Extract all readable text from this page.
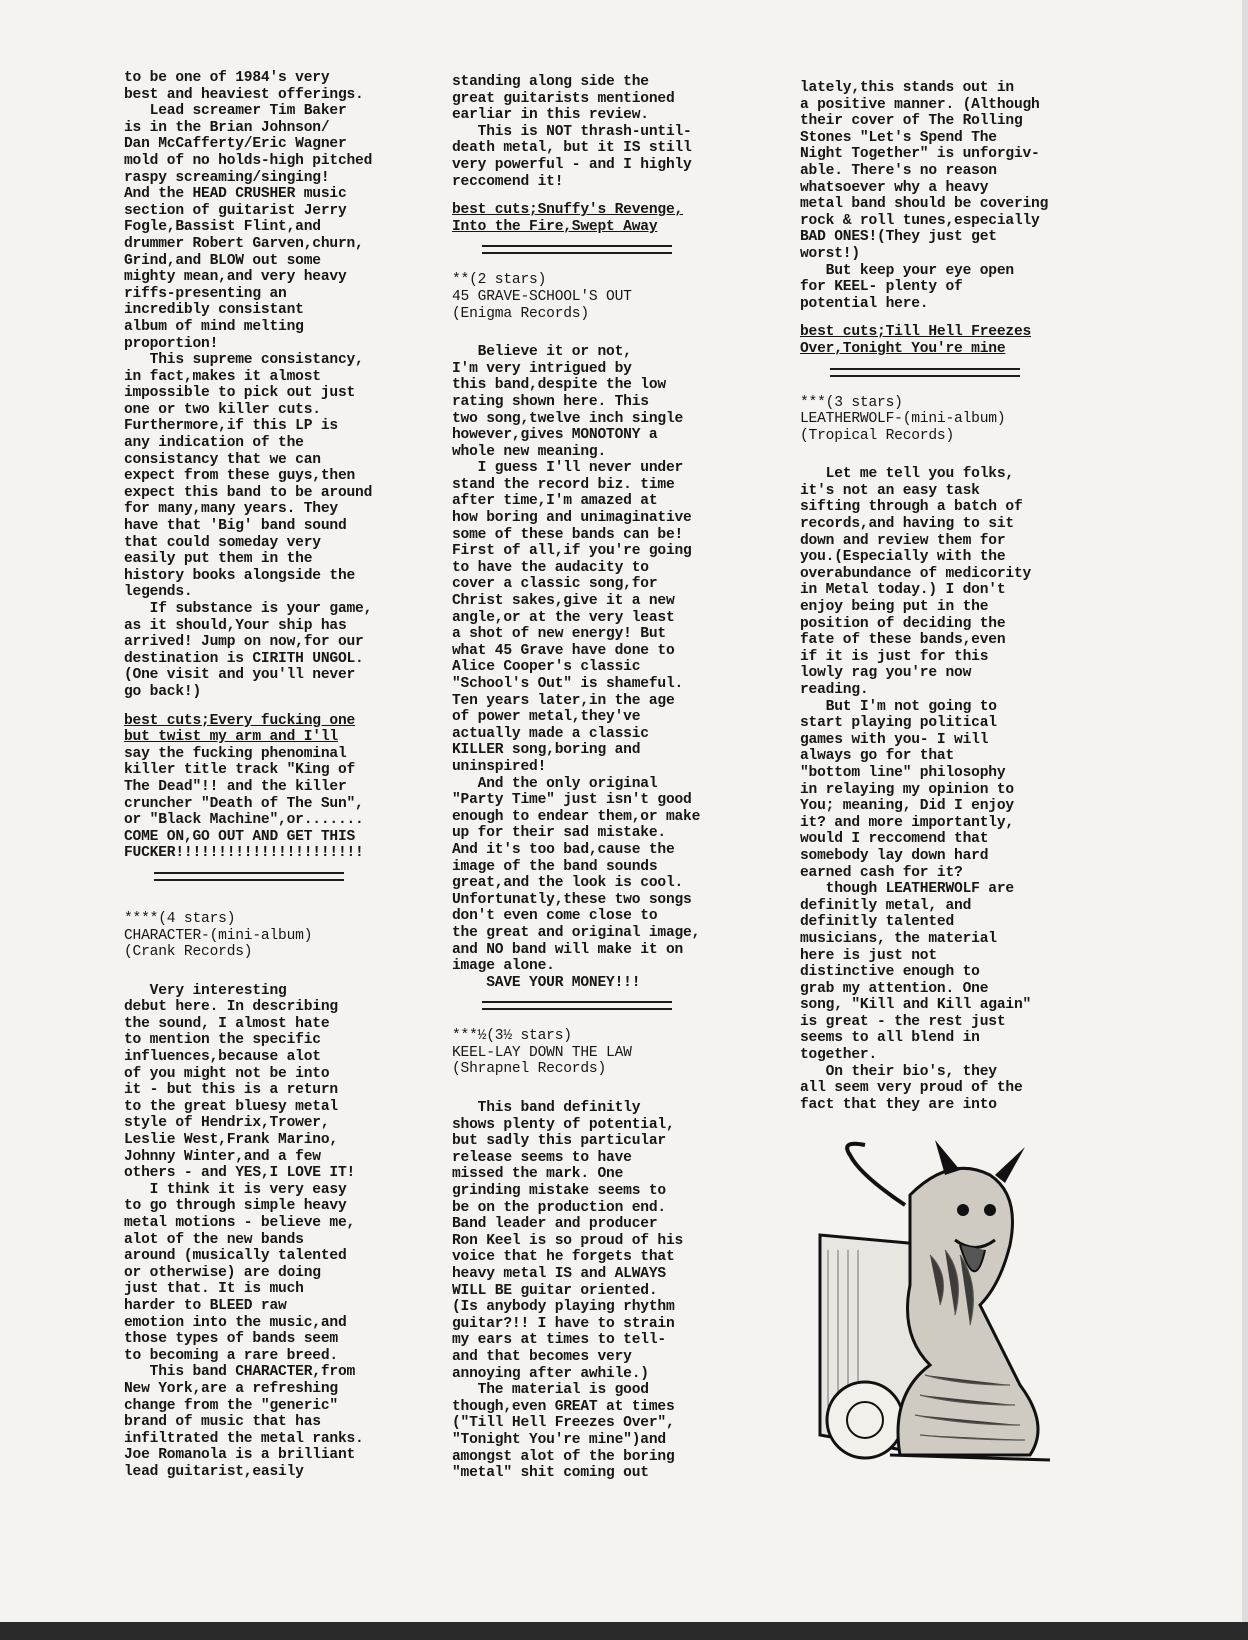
to be one of 1984's very

best and heaviest offerings.

Lead screamer Tim Baker

is in the Brian Johnson/

Dan McCafferty/Eric Wagner

mold of no holds-high pitched

raspy screaming/singing!

And the HEAD CRUSHER music

section of guitarist Jerry

Fogle,Bassist Flint,and

drummer Robert Garven,churn,

Grind,and BLOW out some

mighty mean,and very heavy

riffs-presenting an

incredibly consistant

album of mind melting

proportion!

This supreme consistancy,

in fact,makes it almost

impossible to pick out just

one or two killer cuts.

Furthermore,if this LP is

any indication of the

consistancy that we can

expect from these guys,then

expect this band to be around

for many,many years. They

have that 'Big' band sound

that could someday very

easily put them in the

history books alongside the

legends.

If substance is your game,

as it should,Your ship has

arrived! Jump on now,for our

destination is CIRITH UNGOL.

(One visit and you'll never

go back!)

best cuts;Every fucking one

but twist my arm and I'll

say the fucking phenominal

killer title track "King of

The Dead"!! and the killer

cruncher "Death of The Sun",

or "Black Machine",or.......

COME ON,GO OUT AND GET THIS

FUCKER!!!!!!!!!!!!!!!!!!!!!!

****(4 stars)

CHARACTER-(mini-album)

(Crank Records)

Very interesting

debut here. In describing

the sound, I almost hate

to mention the specific

influences,because alot

of you might not be into

it - but this is a return

to the great bluesy metal

style of Hendrix,Trower,

Leslie West,Frank Marino,

Johnny Winter,and a few

others - and YES,I LOVE IT!

I think it is very easy

to go through simple heavy

metal motions - believe me,

alot of the new bands

around (musically talented

or otherwise) are doing

just that. It is much

harder to BLEED raw

emotion into the music,and

those types of bands seem

to becoming a rare breed.

This band CHARACTER,from

New York,are a refreshing

change from the "generic"

brand of music that has

infiltrated the metal ranks.

Joe Romanola is a brilliant

lead guitarist,easily

standing along side the

great guitarists mentioned

earliar in this review.

This is NOT thrash-until-

death metal, but it IS still

very powerful - and I highly

reccomend it!

best cuts;Snuffy's Revenge,

Into the Fire,Swept Away

**(2 stars)

45 GRAVE-SCHOOL'S OUT

(Enigma Records)

Believe it or not,

I'm very intrigued by

this band,despite the low

rating shown here. This

two song,twelve inch single

however,gives MONOTONY a

whole new meaning.

I guess I'll never under

stand the record biz. time

after time,I'm amazed at

how boring and unimaginative

some of these bands can be!

First of all,if you're going

to have the audacity to

cover a classic song,for

Christ sakes,give it a new

angle,or at the very least

a shot of new energy! But

what 45 Grave have done to

Alice Cooper's classic

"School's Out" is shameful.

Ten years later,in the age

of power metal,they've

actually made a classic

KILLER song,boring and

uninspired!

And the only original

"Party Time" just isn't good

enough to endear them,or make

up for their sad mistake.

And it's too bad,cause the

image of the band sounds

great,and the look is cool.

Unfortunatly,these two songs

don't even come close to

the great and original image,

and NO band will make it on

image alone.

SAVE YOUR MONEY!!!

***½(3½ stars)

KEEL-LAY DOWN THE LAW

(Shrapnel Records)

This band definitly

shows plenty of potential,

but sadly this particular

release seems to have

missed the mark. One

grinding mistake seems to

be on the production end.

Band leader and producer

Ron Keel is so proud of his

voice that he forgets that

heavy metal IS and ALWAYS

WILL BE guitar oriented.

(Is anybody playing rhythm

guitar?!! I have to strain

my ears at times to tell-

and that becomes very

annoying after awhile.)

The material is good

though,even GREAT at times

("Till Hell Freezes Over",

"Tonight You're mine")and

amongst alot of the boring

"metal" shit coming out

lately,this stands out in

a positive manner. (Although

their cover of The Rolling

Stones "Let's Spend The

Night Together" is unforgiv-

able. There's no reason

whatsoever why a heavy

metal band should be covering

rock & roll tunes,especially

BAD ONES!(They just get

worst!)

But keep your eye open

for KEEL- plenty of

potential here.

best cuts;Till Hell Freezes

Over,Tonight You're mine

***(3 stars)

LEATHERWOLF-(mini-album)

(Tropical Records)

Let me tell you folks,

it's not an easy task

sifting through a batch of

records,and having to sit

down and review them for

you.(Especially with the

overabundance of medicority

in Metal today.) I don't

enjoy being put in the

position of deciding the

fate of these bands,even

if it is just for this

lowly rag you're now

reading.

But I'm not going to

start playing political

games with you- I will

always go for that

"bottom line" philosophy

in relaying my opinion to

You; meaning, Did I enjoy

it? and more importantly,

would I reccomend that

somebody lay down hard

earned cash for it?

though LEATHERWOLF are

definitly metal, and

definitly talented

musicians, the material

here is just not

distinctive enough to

grab my attention. One

song, "Kill and Kill again"

is great - the rest just

seems to all blend in

together.

On their bio's, they

all seem very proud of the

fact that they are into
